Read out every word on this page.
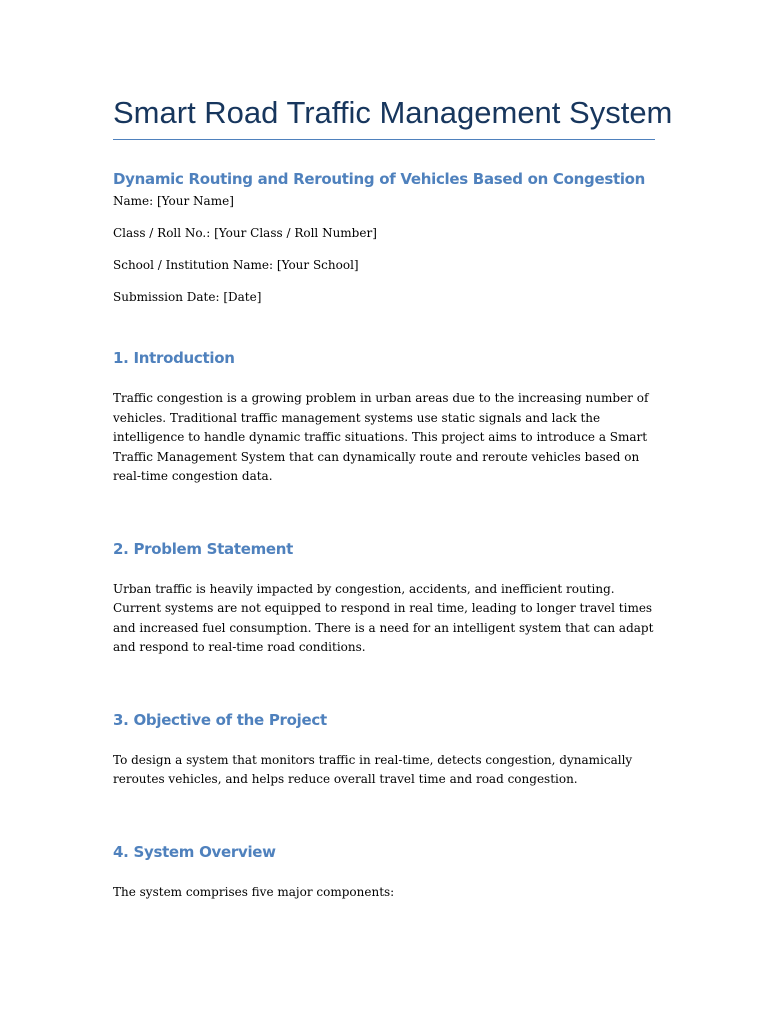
Smart Road Traffic Management System
Dynamic Routing and Rerouting of Vehicles Based on Congestion

Name: [Your Name]

Class / Roll No.: [Your Class / Roll Number]

School / Institution Name: [Your School]

Submission Date: [Date]

1. Introduction

Traffic congestion is a growing problem in urban areas due to the increasing number of vehicles. Traditional traffic management systems use static signals and lack the intelligence to handle dynamic traffic situations. This project aims to introduce a Smart Traffic Management System that can dynamically route and reroute vehicles based on real-time congestion data.

2. Problem Statement

Urban traffic is heavily impacted by congestion, accidents, and inefficient routing. Current systems are not equipped to respond in real time, leading to longer travel times and increased fuel consumption. There is a need for an intelligent system that can adapt and respond to real-time road conditions.

3. Objective of the Project

To design a system that monitors traffic in real-time, detects congestion, dynamically reroutes vehicles, and helps reduce overall travel time and road congestion.

4. System Overview

The system comprises five major components:
